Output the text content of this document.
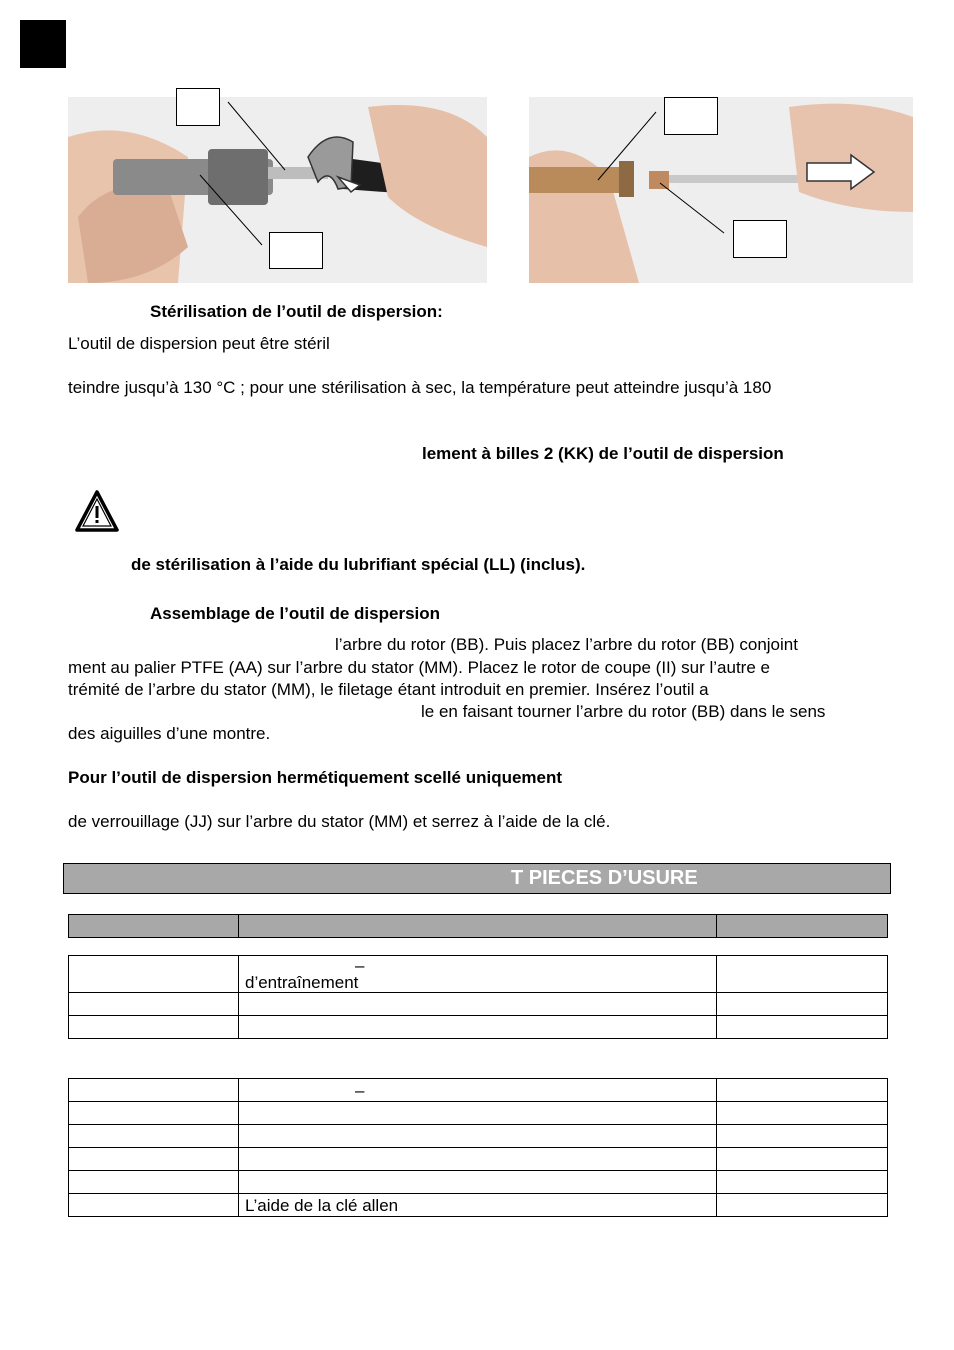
Stérilisation de l’outil de dispersion:
L’outil de dispersion peut être stéril
teindre jusqu’à 130 °C ; pour une stérilisation à sec, la température peut atteindre jusqu’à 180
lement à billes 2 (KK) de l’outil de dispersion
de stérilisation à l’aide du lubrifiant spécial (LL) (inclus).
Assemblage de l’outil de dispersion
l’arbre du rotor (BB). Puis placez l’arbre du rotor (BB) conjoint
ment au palier PTFE (AA) sur l’arbre du stator (MM). Placez le rotor de coupe (II) sur l’autre e
trémité de l’arbre du stator (MM), le filetage étant introduit en premier. Insérez l’outil a
le en faisant tourner l’arbre du rotor (BB) dans le sens
des aiguilles d’une montre.
Pour l’outil de dispersion hermétiquement scellé uniquement
de verrouillage (JJ) sur l’arbre du stator (MM) et serrez à l’aide de la clé.
T PIECES D’USURE

	–
d’entraînement	

	–	

	L’aide de la clé allen	
